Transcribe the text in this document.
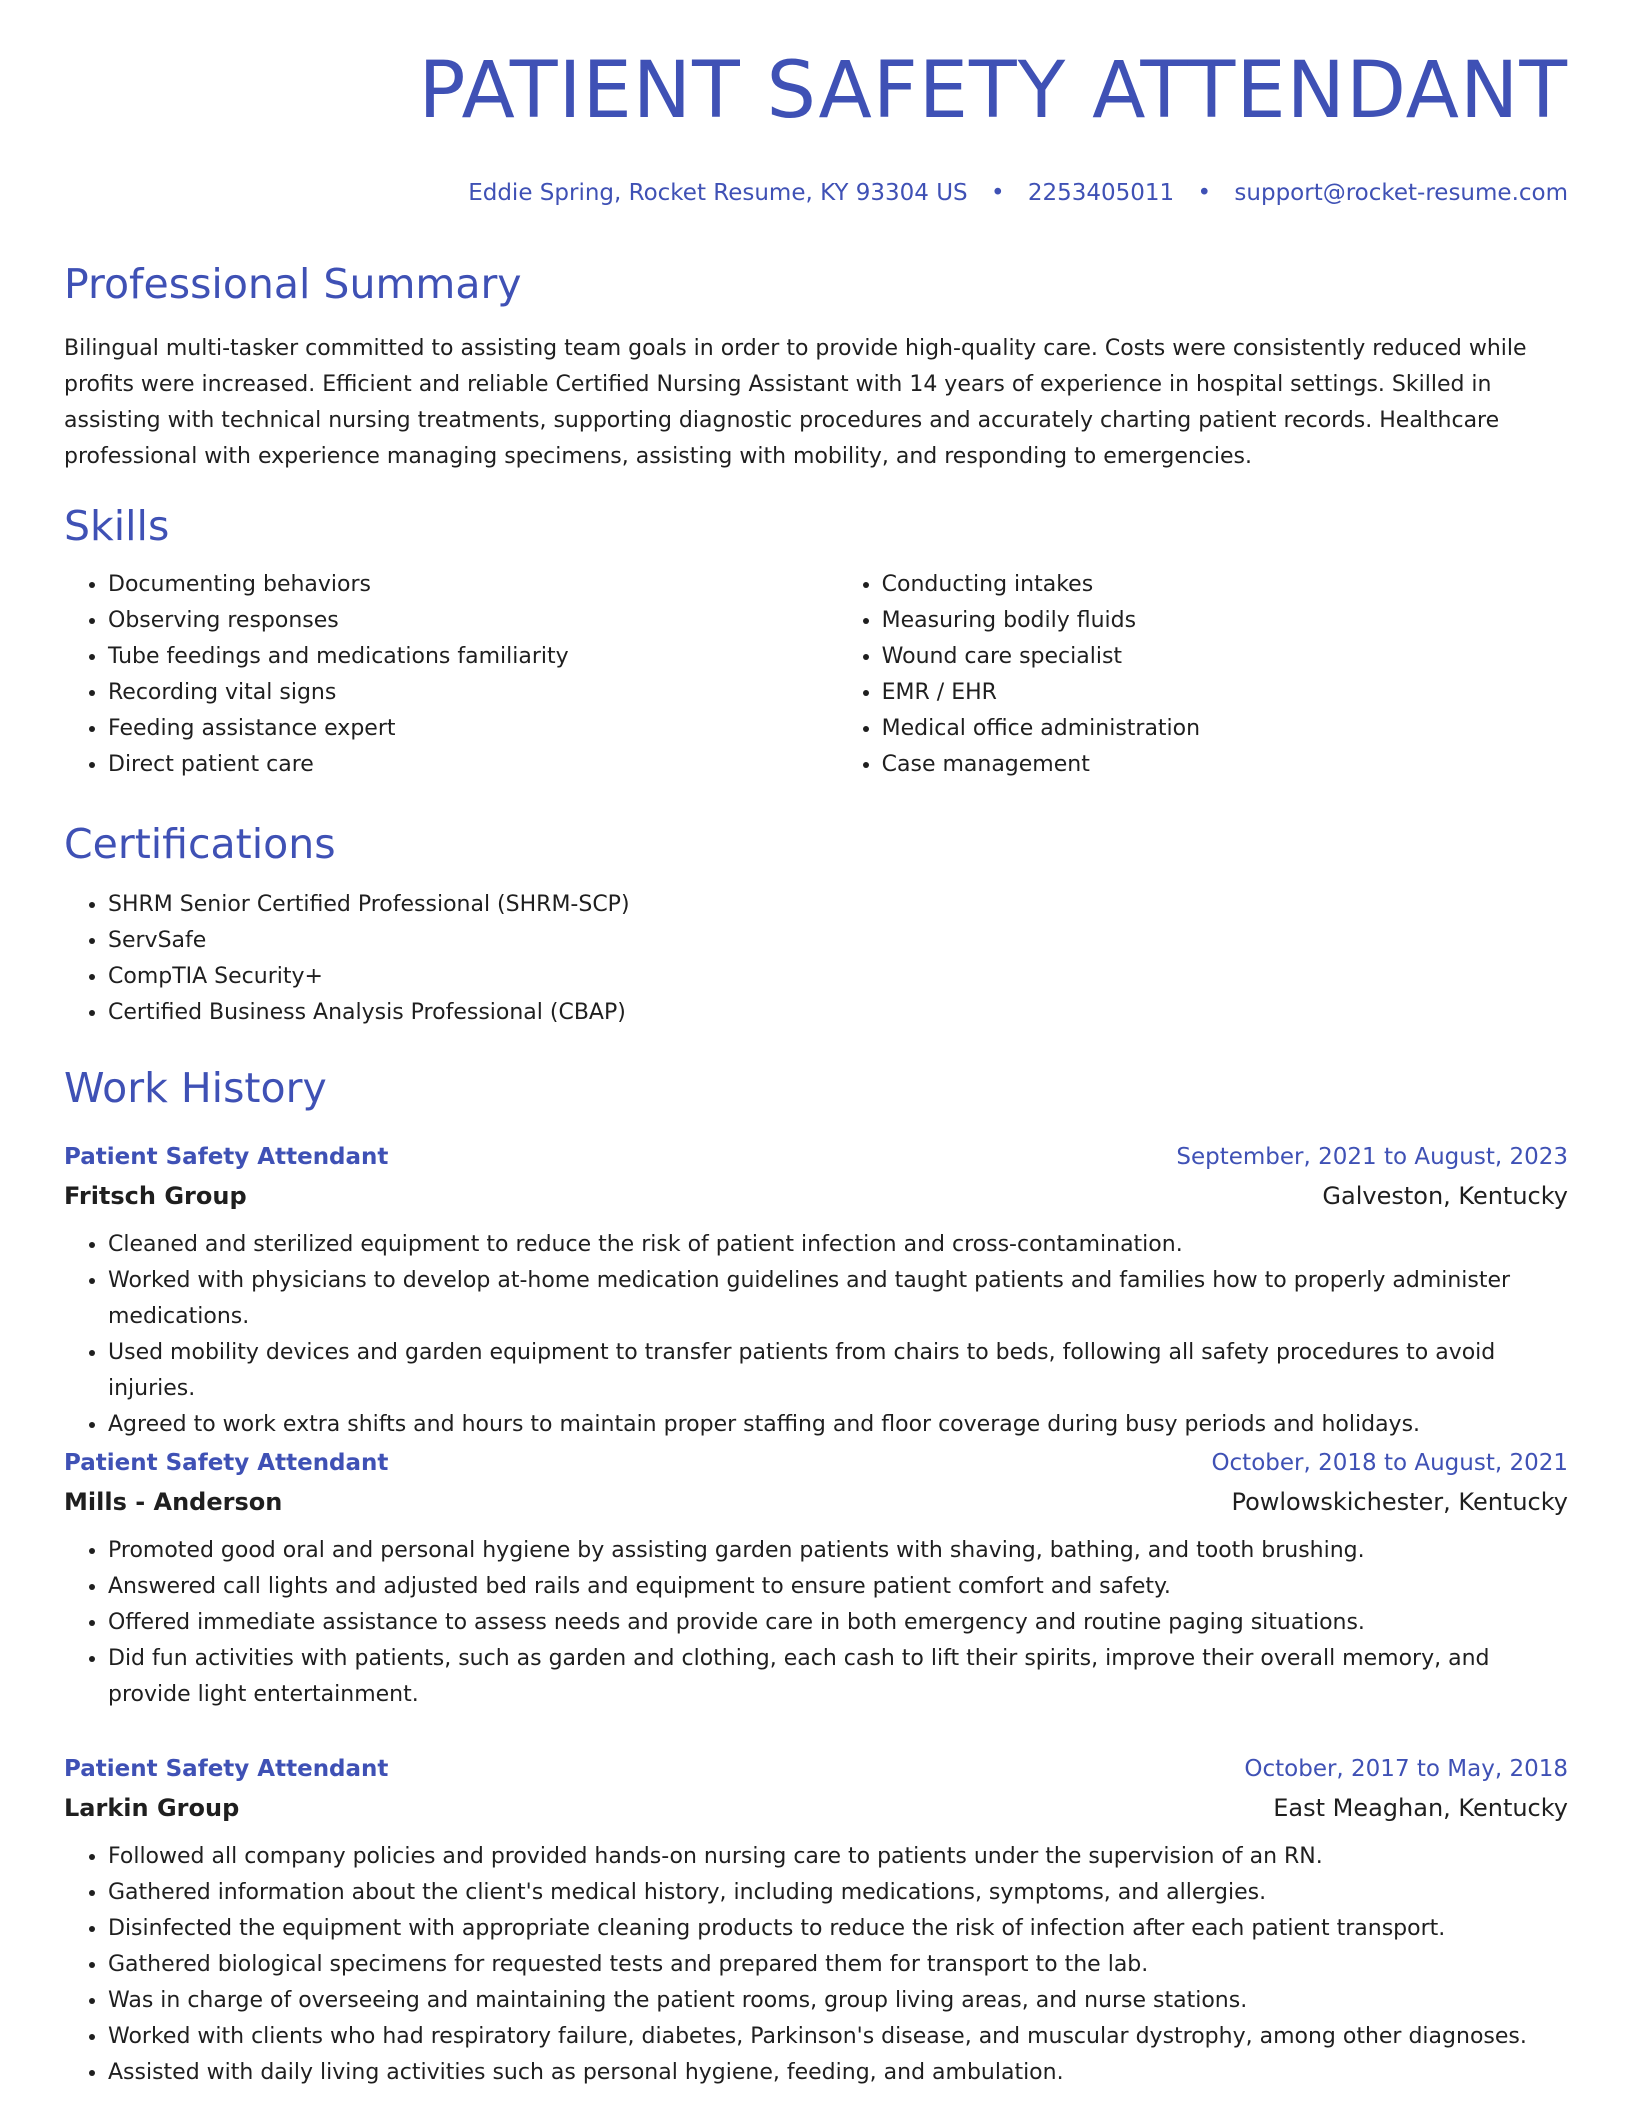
PATIENT SAFETY ATTENDANT
Eddie Spring, Rocket Resume, KY 93304 US • 2253405011 • support@rocket-resume.com
Professional Summary
Bilingual multi-tasker committed to assisting team goals in order to provide high-quality care. Costs were consistently reduced while profits were increased. Efficient and reliable Certified Nursing Assistant with 14 years of experience in hospital settings. Skilled in assisting with technical nursing treatments, supporting diagnostic procedures and accurately charting patient records. Healthcare professional with experience managing specimens, assisting with mobility, and responding to emergencies.
Skills
• Documenting behaviors
• Observing responses
• Tube feedings and medications familiarity
• Recording vital signs
• Feeding assistance expert
• Direct patient care
• Conducting intakes
• Measuring bodily fluids
• Wound care specialist
• EMR / EHR
• Medical office administration
• Case management
Certifications
• SHRM Senior Certified Professional (SHRM-SCP)
• ServSafe
• CompTIA Security+
• Certified Business Analysis Professional (CBAP)
Work History
Patient Safety Attendant	September, 2021 to August, 2023
Fritsch Group	Galveston, Kentucky
• Cleaned and sterilized equipment to reduce the risk of patient infection and cross-contamination.
• Worked with physicians to develop at-home medication guidelines and taught patients and families how to properly administer medications.
• Used mobility devices and garden equipment to transfer patients from chairs to beds, following all safety procedures to avoid injuries.
• Agreed to work extra shifts and hours to maintain proper staffing and floor coverage during busy periods and holidays.
Patient Safety Attendant	October, 2018 to August, 2021
Mills - Anderson	Powlowskichester, Kentucky
• Promoted good oral and personal hygiene by assisting garden patients with shaving, bathing, and tooth brushing.
• Answered call lights and adjusted bed rails and equipment to ensure patient comfort and safety.
• Offered immediate assistance to assess needs and provide care in both emergency and routine paging situations.
• Did fun activities with patients, such as garden and clothing, each cash to lift their spirits, improve their overall memory, and provide light entertainment.
Patient Safety Attendant	October, 2017 to May, 2018
Larkin Group	East Meaghan, Kentucky
• Followed all company policies and provided hands-on nursing care to patients under the supervision of an RN.
• Gathered information about the client's medical history, including medications, symptoms, and allergies.
• Disinfected the equipment with appropriate cleaning products to reduce the risk of infection after each patient transport.
• Gathered biological specimens for requested tests and prepared them for transport to the lab.
• Was in charge of overseeing and maintaining the patient rooms, group living areas, and nurse stations.
• Worked with clients who had respiratory failure, diabetes, Parkinson's disease, and muscular dystrophy, among other diagnoses.
• Assisted with daily living activities such as personal hygiene, feeding, and ambulation.
